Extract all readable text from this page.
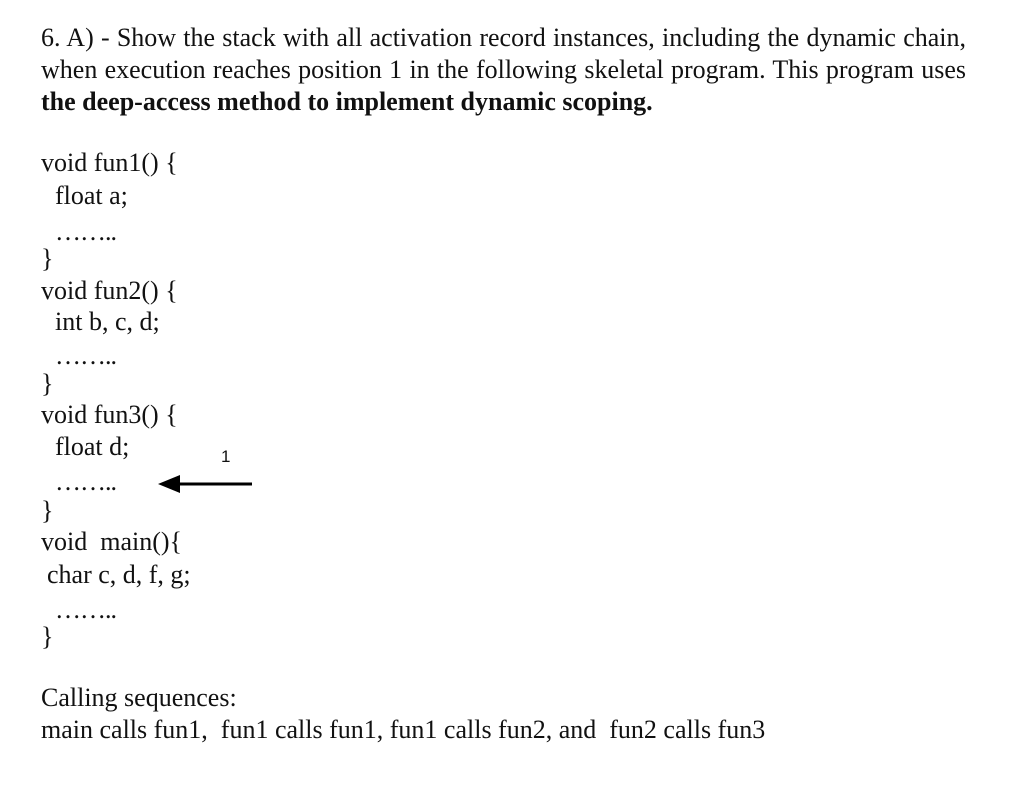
6. A) - Show the stack with all activation record instances, including the dynamic chain, when execution reaches position 1 in the following skeletal program. This program uses the deep-access method to implement dynamic scoping.
void fun1() {
float a;
……..
}
void fun2() {
int b, c, d;
……..
}
void fun3() {
float d;
……..
}
void  main(){
char c, d, f, g;
……..
}
1
Calling sequences:
main calls fun1,  fun1 calls fun1, fun1 calls fun2, and  fun2 calls fun3
